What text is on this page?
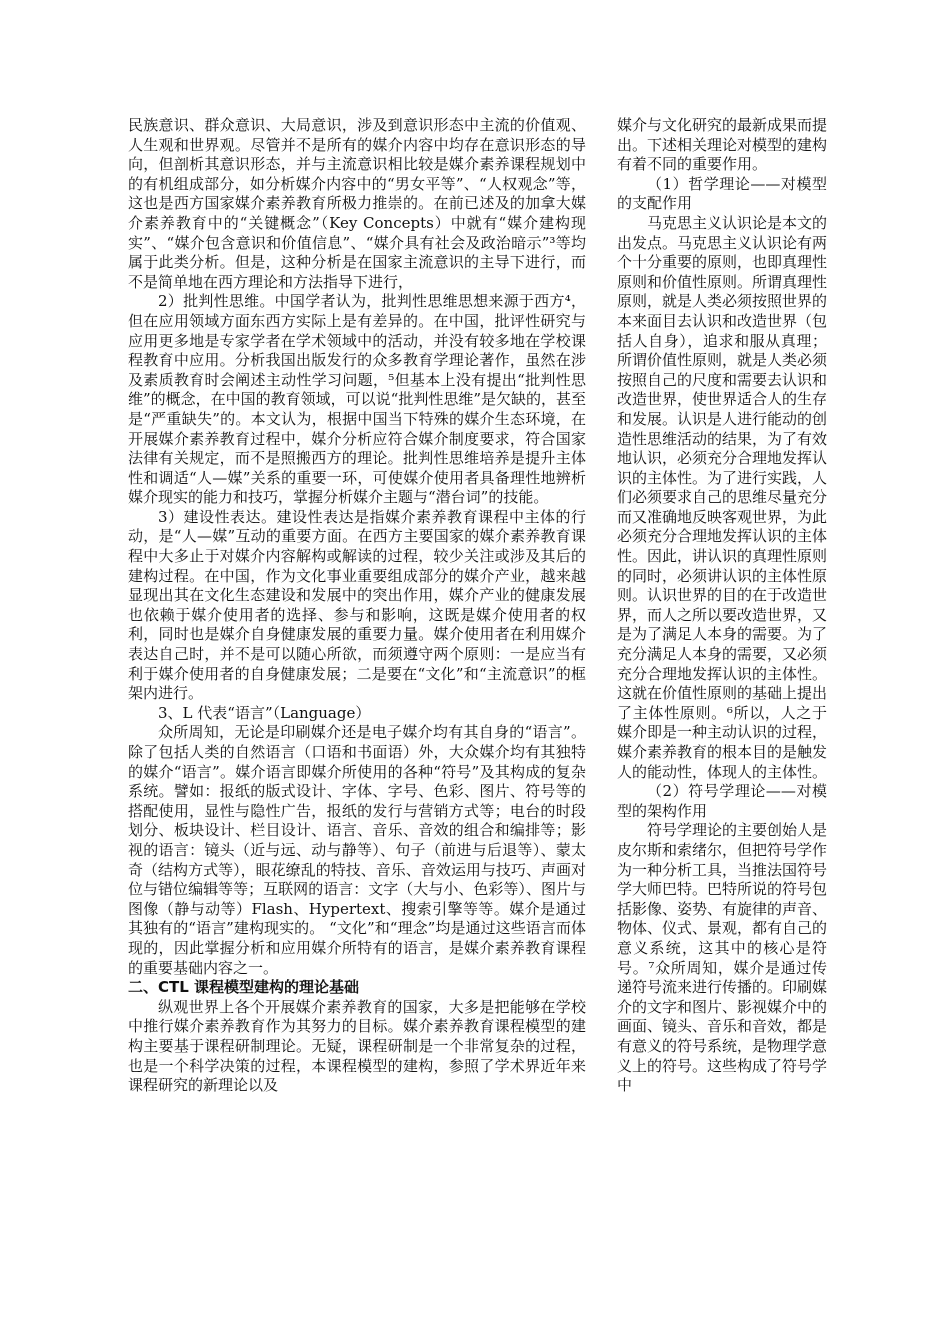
民族意识、群众意识、大局意识，涉及到意识形态中主流的价值观、人生观和世界观。尽管并不是所有的媒介内容中均存在意识形态的导向，但剖析其意识形态，并与主流意识相比较是媒介素养课程规划中的有机组成部分，如分析媒介内容中的“男女平等”、“人权观念”等，这也是西方国家媒介素养教育所极力推崇的。在前已述及的加拿大媒介素养教育中的“关键概念”（Key Concepts）中就有“媒介建构现实”、“媒介包含意识和价值信息”、“媒介具有社会及政治暗示”³等均属于此类分析。但是，这种分析是在国家主流意识的主导下进行，而不是简单地在西方理论和方法指导下进行，

2）批判性思维。中国学者认为，批判性思维思想来源于西方⁴，但在应用领域方面东西方实际上是有差异的。在中国，批评性研究与应用更多地是专家学者在学术领域中的活动，并没有较多地在学校课程教育中应用。分析我国出版发行的众多教育学理论著作，虽然在涉及素质教育时会阐述主动性学习问题，⁵但基本上没有提出“批判性思维”的概念，在中国的教育领域，可以说“批判性思维”是欠缺的，甚至是“严重缺失”的。本文认为，根据中国当下特殊的媒介生态环境，在开展媒介素养教育过程中，媒介分析应符合媒介制度要求，符合国家法律有关规定，而不是照搬西方的理论。批判性思维培养是提升主体性和调适“人—媒”关系的重要一环，可使媒介使用者具备理性地辨析媒介现实的能力和技巧，掌握分析媒介主题与“潜台词”的技能。

3）建设性表达。建设性表达是指媒介素养教育课程中主体的行动，是“人—媒”互动的重要方面。在西方主要国家的媒介素养教育课程中大多止于对媒介内容解构或解读的过程，较少关注或涉及其后的建构过程。在中国，作为文化事业重要组成部分的媒介产业，越来越显现出其在文化生态建设和发展中的突出作用，媒介产业的健康发展也依赖于媒介使用者的选择、参与和影响，这既是媒介使用者的权利，同时也是媒介自身健康发展的重要力量。媒介使用者在利用媒介表达自己时，并不是可以随心所欲，而须遵守两个原则：一是应当有利于媒介使用者的自身健康发展；二是要在“文化”和“主流意识”的框架内进行。

3、L 代表“语言”（Language）

众所周知，无论是印刷媒介还是电子媒介均有其自身的“语言”。除了包括人类的自然语言（口语和书面语）外，大众媒介均有其独特的媒介“语言”。媒介语言即媒介所使用的各种“符号”及其构成的复杂系统。譬如：报纸的版式设计、字体、字号、色彩、图片、符号等的搭配使用，显性与隐性广告，报纸的发行与营销方式等；电台的时段划分、板块设计、栏目设计、语言、音乐、音效的组合和编排等；影视的语言：镜头（近与远、动与静等）、句子（前进与后退等）、蒙太奇（结构方式等），眼花缭乱的特技、音乐、音效运用与技巧、声画对位与错位编辑等等；互联网的语言：文字（大与小、色彩等）、图片与图像（静与动等）Flash、Hypertext、搜索引擎等等。媒介是通过其独有的“语言”建构现实的。 “文化”和“理念”均是通过这些语言而体现的，因此掌握分析和应用媒介所特有的语言，是媒介素养教育课程的重要基础内容之一。

二、CTL 课程模型建构的理论基础

纵观世界上各个开展媒介素养教育的国家，大多是把能够在学校中推行媒介素养教育作为其努力的目标。媒介素养教育课程模型的建构主要基于课程研制理论。无疑，课程研制是一个非常复杂的过程，也是一个科学决策的过程，本课程模型的建构，参照了学术界近年来课程研究的新理论以及

媒介与文化研究的最新成果而提出。下述相关理论对模型的建构有着不同的重要作用。

（1）哲学理论——对模型的支配作用

马克思主义认识论是本文的出发点。马克思主义认识论有两个十分重要的原则，也即真理性原则和价值性原则。所谓真理性原则，就是人类必须按照世界的本来面目去认识和改造世界（包括人自身），追求和服从真理；所谓价值性原则，就是人类必须按照自己的尺度和需要去认识和改造世界，使世界适合人的生存和发展。认识是人进行能动的创造性思维活动的结果，为了有效地认识，必须充分合理地发挥认识的主体性。为了进行实践，人们必须要求自己的思维尽量充分而又准确地反映客观世界，为此必须充分合理地发挥认识的主体性。因此，讲认识的真理性原则的同时，必须讲认识的主体性原则。认识世界的目的在于改造世界，而人之所以要改造世界，又是为了满足人本身的需要。为了充分满足人本身的需要，又必须充分合理地发挥认识的主体性。这就在价值性原则的基础上提出了主体性原则。⁶所以，人之于媒介即是一种主动认识的过程，媒介素养教育的根本目的是触发人的能动性，体现人的主体性。

（2）符号学理论——对模型的架构作用

符号学理论的主要创始人是皮尔斯和索绪尔，但把符号学作为一种分析工具，当推法国符号学大师巴特。巴特所说的符号包括影像、姿势、有旋律的声音、物体、仪式、景观，都有自己的意义系统，这其中的核心是符号。⁷众所周知，媒介是通过传递符号流来进行传播的。印刷媒介的文字和图片、影视媒介中的画面、镜头、音乐和音效，都是有意义的符号系统，是物理学意义上的符号。这些构成了符号学中
